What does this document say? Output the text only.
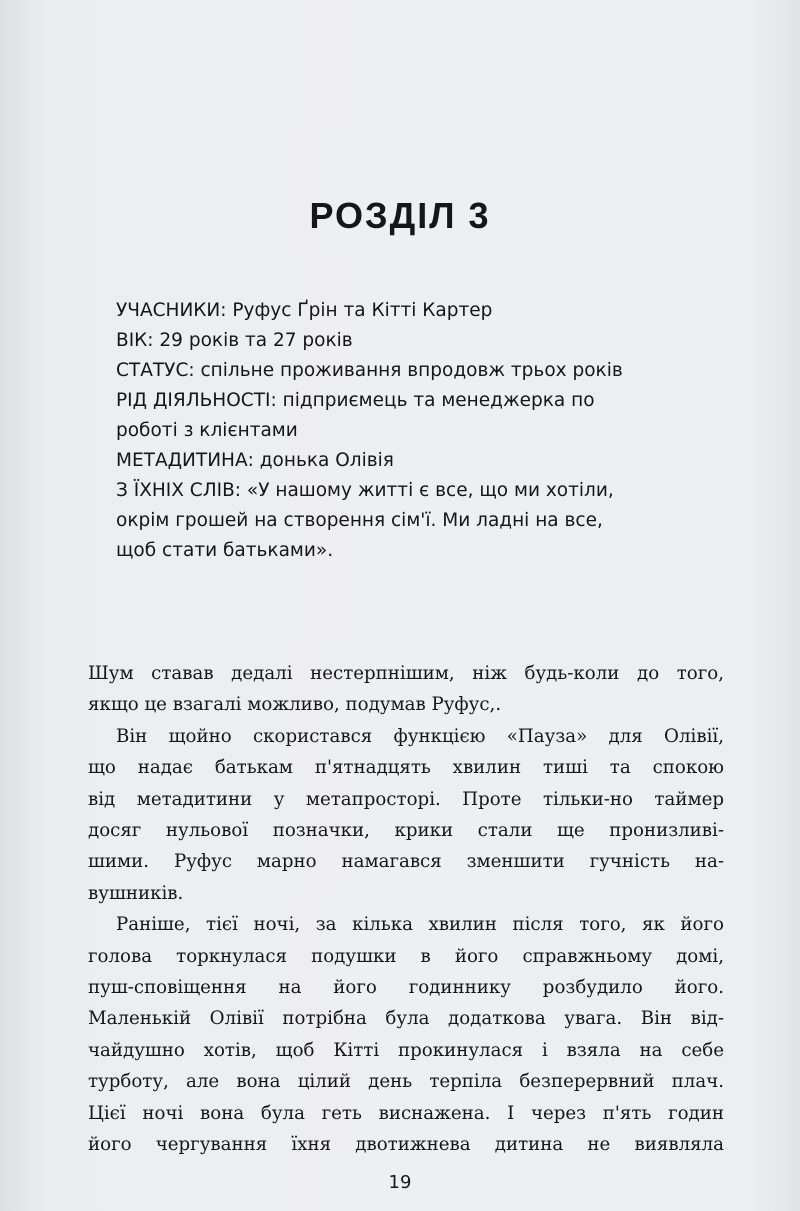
РОЗДІЛ 3
УЧАСНИКИ: Руфус Ґрін та Кітті Картер
ВІК: 29 років та 27 років
СТАТУС: спільне проживання впродовж трьох років
РІД ДІЯЛЬНОСТІ: підприємець та менеджерка по
роботі з клієнтами
МЕТАДИТИНА: донька Олівія
З ЇХНІХ СЛІВ: «У нашому житті є все, що ми хотіли,
окрім грошей на створення сім'ї. Ми ладні на все,
щоб стати батьками».
Шум ставав дедалі нестерпнішим, ніж будь-коли до того,
якщо це взагалі можливо, подумав Руфус,.
Він щойно скористався функцією «Пауза» для Олівії,
що надає батькам п'ятнадцять хвилин тиші та спокою
від метадитини у метапросторі. Проте тільки-но таймер
досяг нульової позначки, крики стали ще пронизливі-
шими. Руфус марно намагався зменшити гучність на-
вушників.
Раніше, тієї ночі, за кілька хвилин після того, як його
голова торкнулася подушки в його справжньому домі,
пуш-сповіщення на його годиннику розбудило його.
Маленькій Олівії потрібна була додаткова увага. Він від-
чайдушно хотів, щоб Кітті прокинулася і взяла на себе
турботу, але вона цілий день терпіла безперервний плач.
Цієї ночі вона була геть виснажена. І через п'ять годин
його чергування їхня двотижнева дитина не виявляла
19
